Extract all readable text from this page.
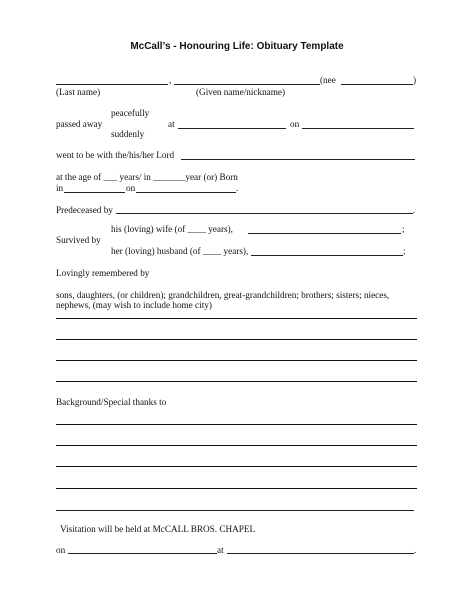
McCall’s - Honouring Life: Obituary Template
,	(nee	)
(Last name)	(Given name/nickname)
peacefully
passed away
suddenly
at	on
went to be with the/his/her Lord
at the age of ___ years/ in _______year (or) Born
in	on	.
Predeceased by	.
his (loving) wife (of ____ years),	;
Survived by
her (loving) husband (of ____ years),	;
Lovingly remembered by
sons, daughters, (or children); grandchildren, great-grandchildren; brothers; sisters; nieces,
nephews, (may wish to include home city)
Background/Special thanks to
Visitation will be held at McCALL BROS. CHAPEL
on	at	.
